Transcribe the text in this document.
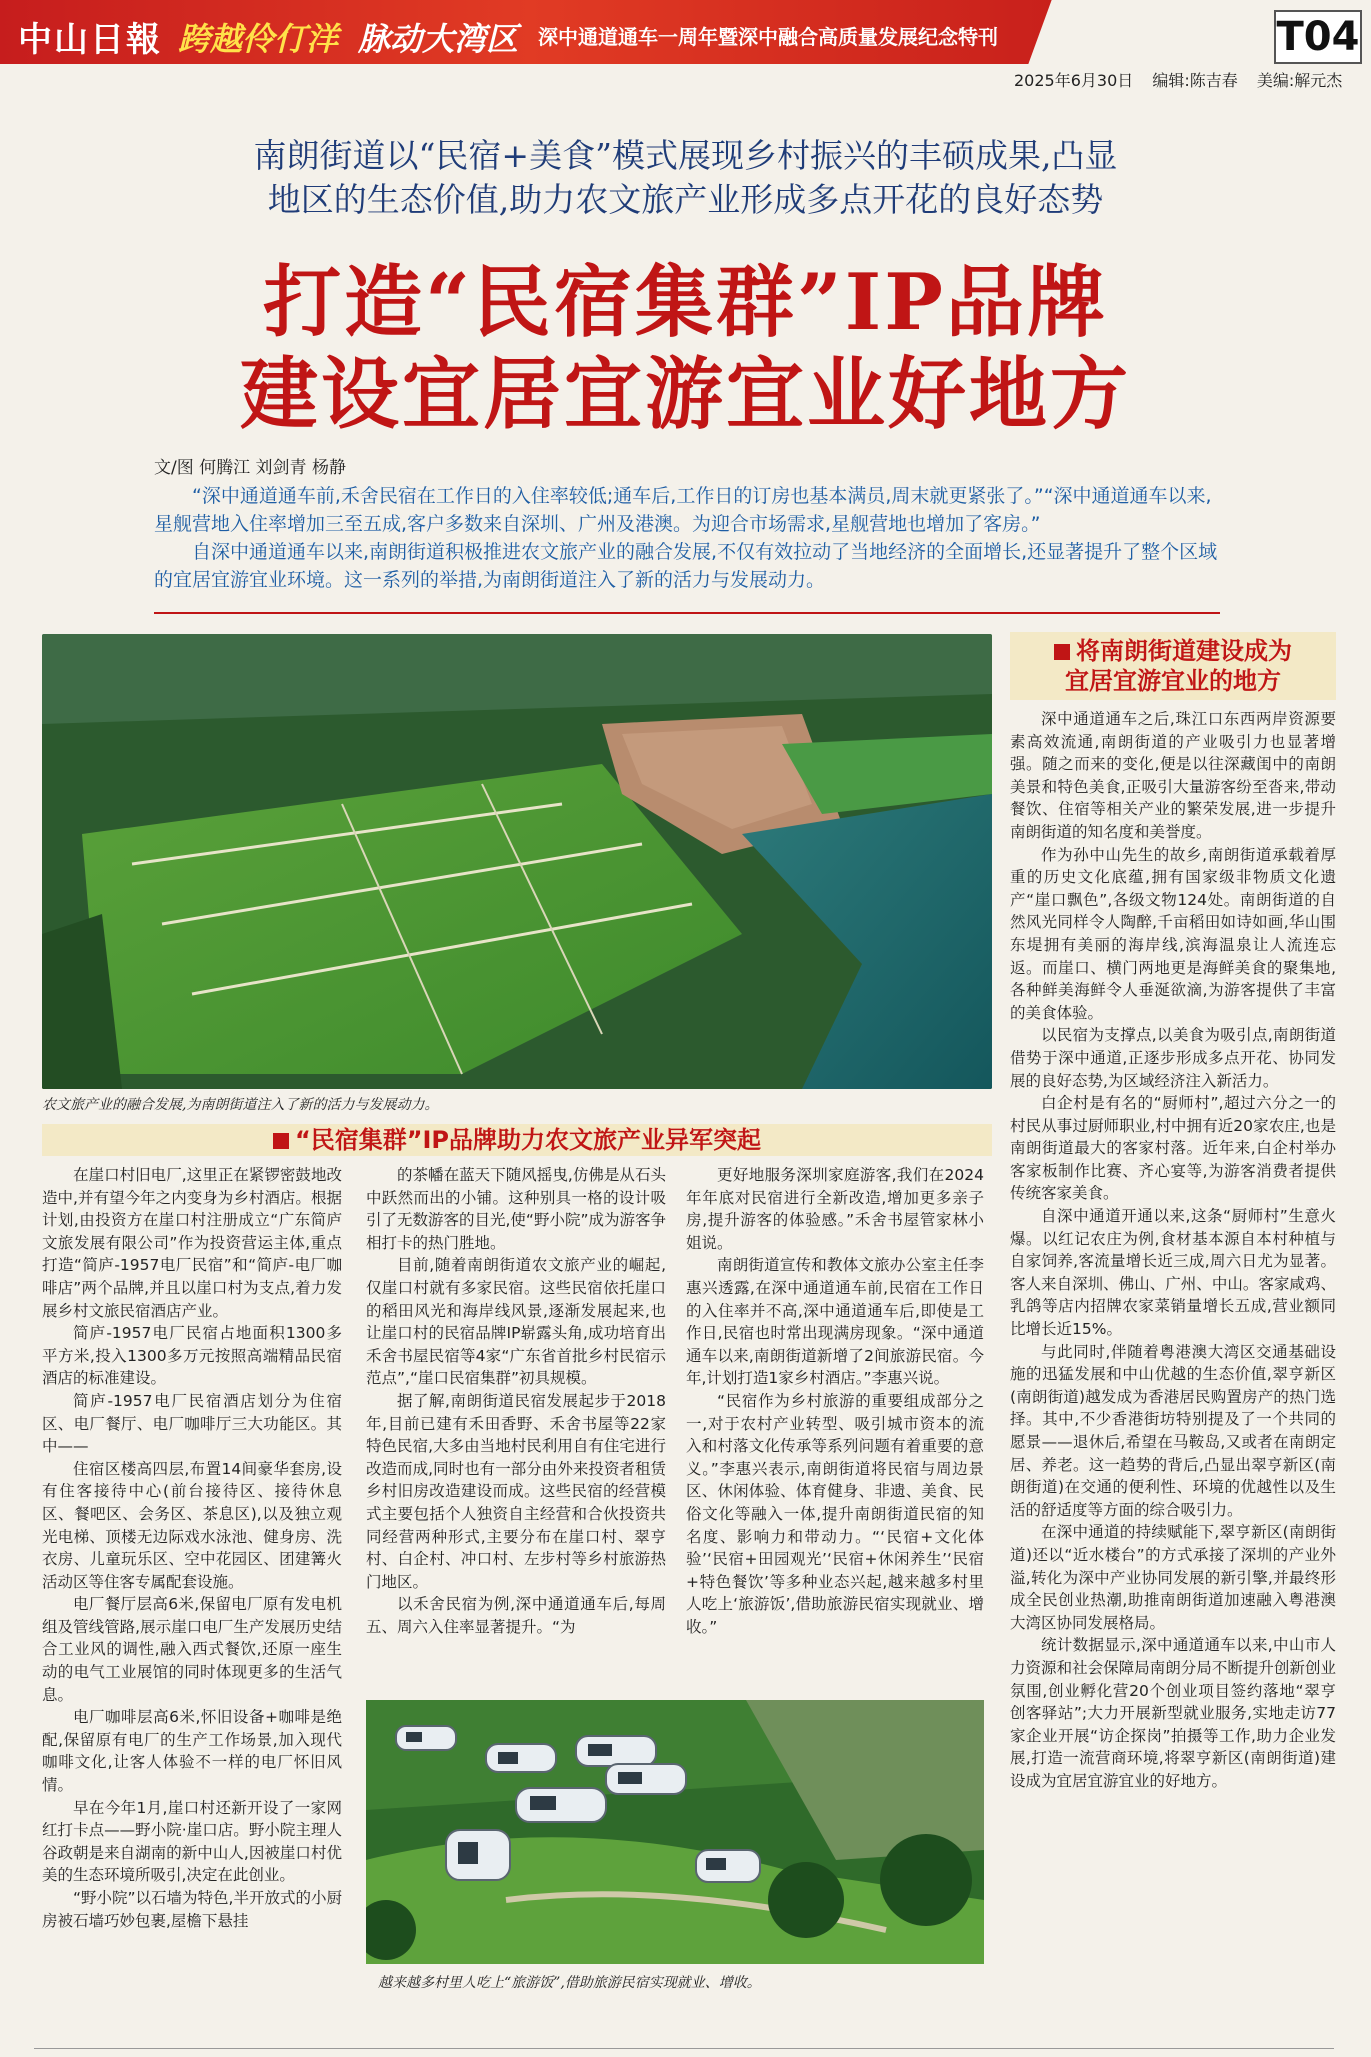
中山日報 跨越伶仃洋 脉动大湾区 深中通道通车一周年暨深中融合高质量发展纪念特刊	T04
2025年6月30日 编辑:陈吉春 美编:解元杰
南朗街道以“民宿+美食”模式展现乡村振兴的丰硕成果,凸显
地区的生态价值,助力农文旅产业形成多点开花的良好态势
打造“民宿集群”IP品牌
建设宜居宜游宜业好地方
文/图 何腾江 刘剑青 杨静

“深中通道通车前,禾舍民宿在工作日的入住率较低;通车后,工作日的订房也基本满员,周末就更紧张了。”“深中通道通车以来,星舰营地入住率增加三至五成,客户多数来自深圳、广州及港澳。为迎合市场需求,星舰营地也增加了客房。”

自深中通道通车以来,南朗街道积极推进农文旅产业的融合发展,不仅有效拉动了当地经济的全面增长,还显著提升了整个区域的宜居宜游宜业环境。这一系列的举措,为南朗街道注入了新的活力与发展动力。

农文旅产业的融合发展,为南朗街道注入了新的活力与发展动力。
“民宿集群”IP品牌助力农文旅产业异军突起

在崖口村旧电厂,这里正在紧锣密鼓地改造中,并有望今年之内变身为乡村酒店。根据计划,由投资方在崖口村注册成立“广东简庐文旅发展有限公司”作为投资营运主体,重点打造“简庐-1957电厂民宿”和“简庐-电厂咖啡店”两个品牌,并且以崖口村为支点,着力发展乡村文旅民宿酒店产业。

简庐-1957电厂民宿占地面积1300多平方米,投入1300多万元按照高端精品民宿酒店的标准建设。

简庐-1957电厂民宿酒店划分为住宿区、电厂餐厅、电厂咖啡厅三大功能区。其中——

住宿区楼高四层,布置14间豪华套房,设有住客接待中心(前台接待区、接待休息区、餐吧区、会务区、茶息区),以及独立观光电梯、顶楼无边际戏水泳池、健身房、洗衣房、儿童玩乐区、空中花园区、团建篝火活动区等住客专属配套设施。

电厂餐厅层高6米,保留电厂原有发电机组及管线管路,展示崖口电厂生产发展历史结合工业风的调性,融入西式餐饮,还原一座生动的电气工业展馆的同时体现更多的生活气息。

电厂咖啡层高6米,怀旧设备+咖啡是绝配,保留原有电厂的生产工作场景,加入现代咖啡文化,让客人体验不一样的电厂怀旧风情。

早在今年1月,崖口村还新开设了一家网红打卡点——野小院·崖口店。野小院主理人谷政朝是来自湖南的新中山人,因被崖口村优美的生态环境所吸引,决定在此创业。

“野小院”以石墙为特色,半开放式的小厨房被石墙巧妙包裹,屋檐下悬挂

的茶幡在蓝天下随风摇曳,仿佛是从石头中跃然而出的小铺。这种别具一格的设计吸引了无数游客的目光,使“野小院”成为游客争相打卡的热门胜地。

目前,随着南朗街道农文旅产业的崛起,仅崖口村就有多家民宿。这些民宿依托崖口的稻田风光和海岸线风景,逐渐发展起来,也让崖口村的民宿品牌IP崭露头角,成功培育出禾舍书屋民宿等4家“广东省首批乡村民宿示范点”,“崖口民宿集群”初具规模。

据了解,南朗街道民宿发展起步于2018年,目前已建有禾田香野、禾舍书屋等22家特色民宿,大多由当地村民利用自有住宅进行改造而成,同时也有一部分由外来投资者租赁乡村旧房改造建设而成。这些民宿的经营模式主要包括个人独资自主经营和合伙投资共同经营两种形式,主要分布在崖口村、翠亨村、白企村、冲口村、左步村等乡村旅游热门地区。

以禾舍民宿为例,深中通道通车后,每周五、周六入住率显著提升。“为

更好地服务深圳家庭游客,我们在2024年年底对民宿进行全新改造,增加更多亲子房,提升游客的体验感。”禾舍书屋管家林小姐说。

南朗街道宣传和教体文旅办公室主任李惠兴透露,在深中通道通车前,民宿在工作日的入住率并不高,深中通道通车后,即使是工作日,民宿也时常出现满房现象。“深中通道通车以来,南朗街道新增了2间旅游民宿。今年,计划打造1家乡村酒店。”李惠兴说。

“民宿作为乡村旅游的重要组成部分之一,对于农村产业转型、吸引城市资本的流入和村落文化传承等系列问题有着重要的意义。”李惠兴表示,南朗街道将民宿与周边景区、休闲体验、体育健身、非遗、美食、民俗文化等融入一体,提升南朗街道民宿的知名度、影响力和带动力。“‘民宿+文化体验’‘民宿+田园观光’‘民宿+休闲养生’‘民宿+特色餐饮’等多种业态兴起,越来越多村里人吃上‘旅游饭’,借助旅游民宿实现就业、增收。”

越来越多村里人吃上“旅游饭”,借助旅游民宿实现就业、增收。
将南朗街道建设成为
宜居宜游宜业的地方

深中通道通车之后,珠江口东西两岸资源要素高效流通,南朗街道的产业吸引力也显著增强。随之而来的变化,便是以往深藏闺中的南朗美景和特色美食,正吸引大量游客纷至沓来,带动餐饮、住宿等相关产业的繁荣发展,进一步提升南朗街道的知名度和美誉度。

作为孙中山先生的故乡,南朗街道承载着厚重的历史文化底蕴,拥有国家级非物质文化遗产“崖口飘色”,各级文物124处。南朗街道的自然风光同样令人陶醉,千亩稻田如诗如画,华山围东堤拥有美丽的海岸线,滨海温泉让人流连忘返。而崖口、横门两地更是海鲜美食的聚集地,各种鲜美海鲜令人垂涎欲滴,为游客提供了丰富的美食体验。

以民宿为支撑点,以美食为吸引点,南朗街道借势于深中通道,正逐步形成多点开花、协同发展的良好态势,为区域经济注入新活力。

白企村是有名的“厨师村”,超过六分之一的村民从事过厨师职业,村中拥有近20家农庄,也是南朗街道最大的客家村落。近年来,白企村举办客家板制作比赛、齐心宴等,为游客消费者提供传统客家美食。

自深中通道开通以来,这条“厨师村”生意火爆。以红记农庄为例,食材基本源自本村种植与自家饲养,客流量增长近三成,周六日尤为显著。客人来自深圳、佛山、广州、中山。客家咸鸡、乳鸽等店内招牌农家菜销量增长五成,营业额同比增长近15%。

与此同时,伴随着粤港澳大湾区交通基础设施的迅猛发展和中山优越的生态价值,翠亨新区(南朗街道)越发成为香港居民购置房产的热门选择。其中,不少香港街坊特别提及了一个共同的愿景——退休后,希望在马鞍岛,又或者在南朗定居、养老。这一趋势的背后,凸显出翠亨新区(南朗街道)在交通的便利性、环境的优越性以及生活的舒适度等方面的综合吸引力。

在深中通道的持续赋能下,翠亨新区(南朗街道)还以“近水楼台”的方式承接了深圳的产业外溢,转化为深中产业协同发展的新引擎,并最终形成全民创业热潮,助推南朗街道加速融入粤港澳大湾区协同发展格局。

统计数据显示,深中通道通车以来,中山市人力资源和社会保障局南朗分局不断提升创新创业氛围,创业孵化营20个创业项目签约落地“翠亨创客驿站”;大力开展新型就业服务,实地走访77家企业开展“访企探岗”拍摄等工作,助力企业发展,打造一流营商环境,将翠亨新区(南朗街道)建设成为宜居宜游宜业的好地方。
